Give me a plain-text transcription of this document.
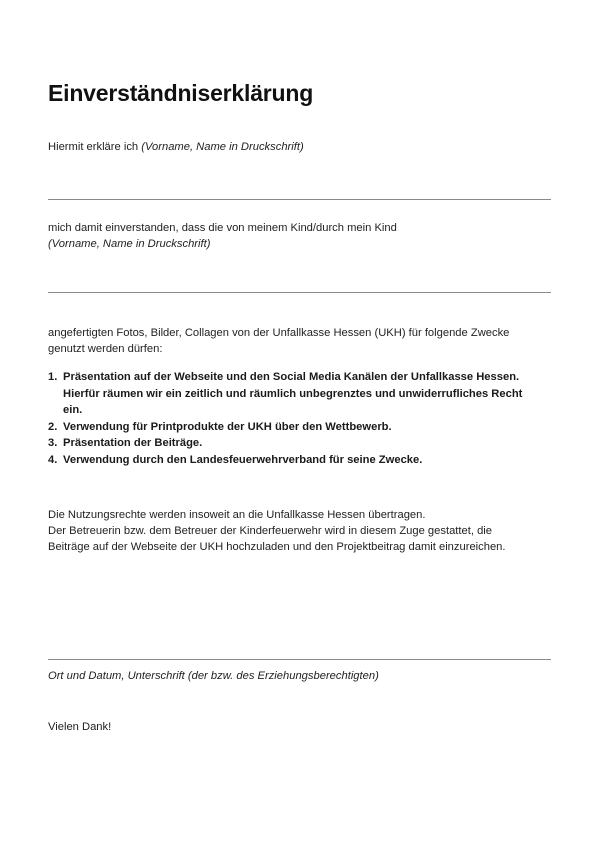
Einverständniserklärung

Hiermit erkläre ich (Vorname, Name in Druckschrift)

mich damit einverstanden, dass die von meinem Kind/durch mein Kind
(Vorname, Name in Druckschrift)

angefertigten Fotos, Bilder, Collagen von der Unfallkasse Hessen (UKH) für folgende Zwecke
genutzt werden dürfen:

1. Präsentation auf der Webseite und den Social Media Kanälen der Unfallkasse Hessen.
Hierfür räumen wir ein zeitlich und räumlich unbegrenztes und unwiderrufliches Recht
ein.
2. Verwendung für Printprodukte der UKH über den Wettbewerb.
3. Präsentation der Beiträge.
4. Verwendung durch den Landesfeuerwehrverband für seine Zwecke.

Die Nutzungsrechte werden insoweit an die Unfallkasse Hessen übertragen.
Der Betreuerin bzw. dem Betreuer der Kinderfeuerwehr wird in diesem Zuge gestattet, die
Beiträge auf der Webseite der UKH hochzuladen und den Projektbeitrag damit einzureichen.

Ort und Datum, Unterschrift (der bzw. des Erziehungsberechtigten)

Vielen Dank!
